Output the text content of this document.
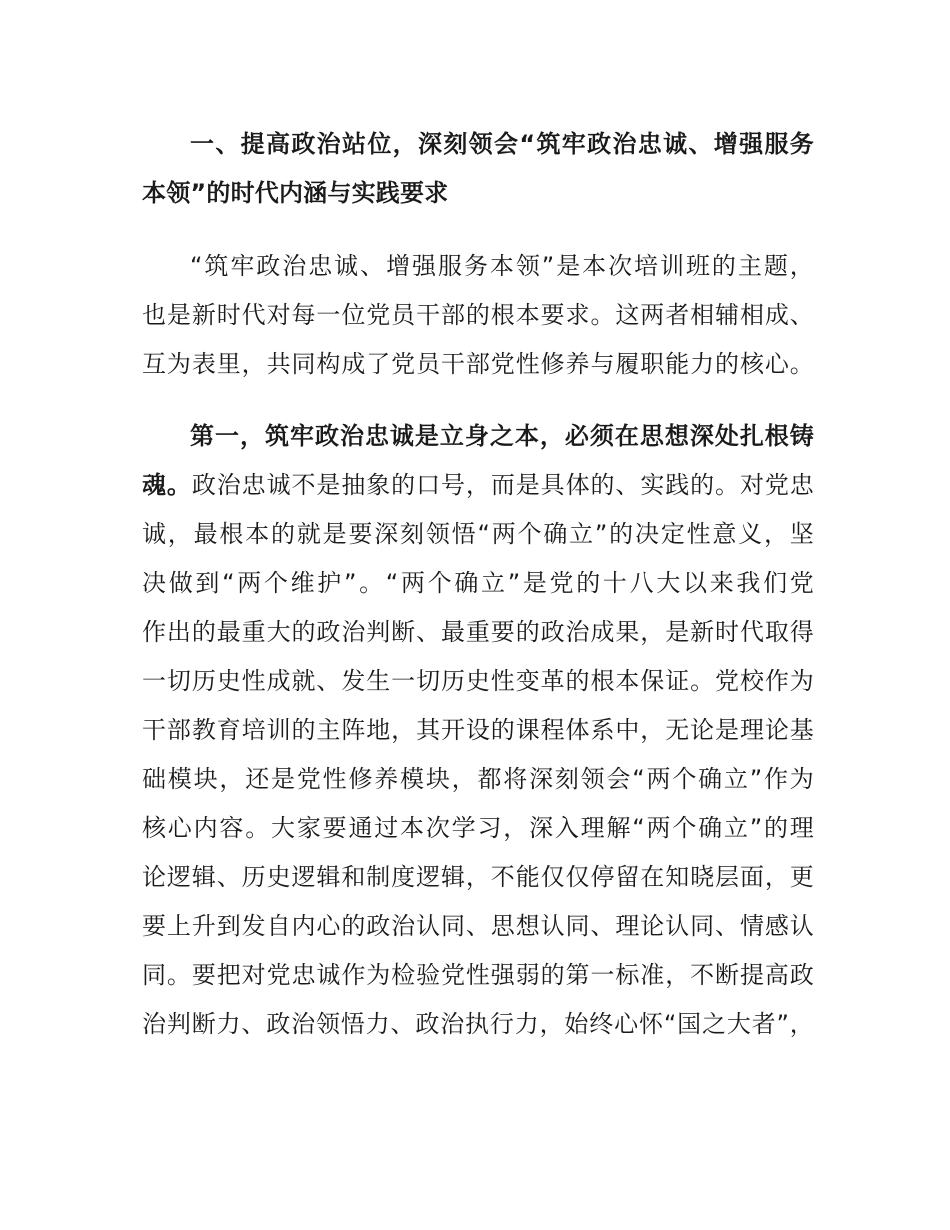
一、提高政治站位，深刻领会“筑牢政治忠诚、增强服务
本领”的时代内涵与实践要求
“筑牢政治忠诚、增强服务本领”是本次培训班的主题，
也是新时代对每一位党员干部的根本要求。这两者相辅相成、
互为表里，共同构成了党员干部党性修养与履职能力的核心。
第一，筑牢政治忠诚是立身之本，必须在思想深处扎根铸
魂。政治忠诚不是抽象的口号，而是具体的、实践的。对党忠
诚，最根本的就是要深刻领悟“两个确立”的决定性意义，坚
决做到“两个维护”。“两个确立”是党的十八大以来我们党
作出的最重大的政治判断、最重要的政治成果，是新时代取得
一切历史性成就、发生一切历史性变革的根本保证。党校作为
干部教育培训的主阵地，其开设的课程体系中，无论是理论基
础模块，还是党性修养模块，都将深刻领会“两个确立”作为
核心内容。大家要通过本次学习，深入理解“两个确立”的理
论逻辑、历史逻辑和制度逻辑，不能仅仅停留在知晓层面，更
要上升到发自内心的政治认同、思想认同、理论认同、情感认
同。要把对党忠诚作为检验党性强弱的第一标准，不断提高政
治判断力、政治领悟力、政治执行力，始终心怀“国之大者”，
